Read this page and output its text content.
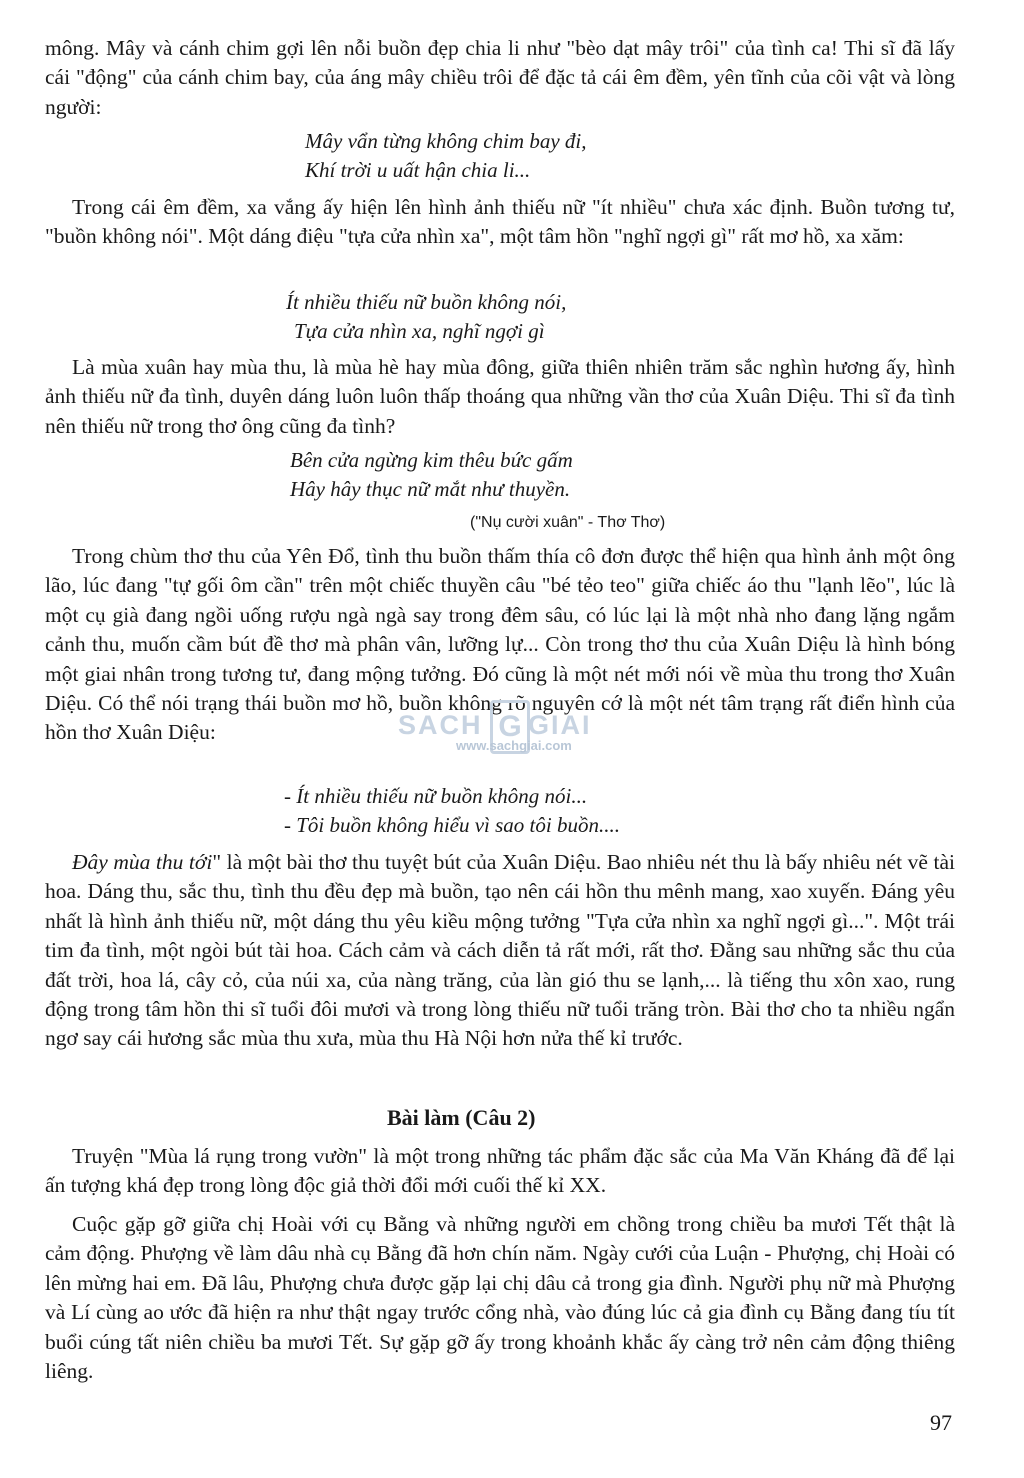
mông. Mây và cánh chim gợi lên nỗi buồn đẹp chia li như "bèo dạt mây trôi" của tình ca! Thi sĩ đã lấy cái "động" của cánh chim bay, của áng mây chiều trôi để đặc tả cái êm đềm, yên tĩnh của cõi vật và lòng người:

Mây vẩn từng không chim bay đi,
Khí trời u uất hận chia li...

Trong cái êm đềm, xa vắng ấy hiện lên hình ảnh thiếu nữ "ít nhiều" chưa xác định. Buồn tương tư, "buồn không nói". Một dáng điệu "tựa cửa nhìn xa", một tâm hồn "nghĩ ngợi gì" rất mơ hồ, xa xăm:

Ít nhiều thiếu nữ buồn không nói,
Tựa cửa nhìn xa, nghĩ ngợi gì

Là mùa xuân hay mùa thu, là mùa hè hay mùa đông, giữa thiên nhiên trăm sắc nghìn hương ấy, hình ảnh thiếu nữ đa tình, duyên dáng luôn luôn thấp thoáng qua những vần thơ của Xuân Diệu. Thi sĩ đa tình nên thiếu nữ trong thơ ông cũng đa tình?

Bên cửa ngừng kim thêu bức gấm
Hây hây thục nữ mắt như thuyền.
("Nụ cười xuân" - Thơ Thơ)

Trong chùm thơ thu của Yên Đổ, tình thu buồn thấm thía cô đơn được thể hiện qua hình ảnh một ông lão, lúc đang "tự gối ôm cần" trên một chiếc thuyền câu "bé tẻo teo" giữa chiếc áo thu "lạnh lẽo", lúc là một cụ già đang ngồi uống rượu ngà ngà say trong đêm sâu, có lúc lại là một nhà nho đang lặng ngắm cảnh thu, muốn cầm bút đề thơ mà phân vân, lưỡng lự... Còn trong thơ thu của Xuân Diệu là hình bóng một giai nhân trong tương tư, đang mộng tưởng. Đó cũng là một nét mới nói về mùa thu trong thơ Xuân Diệu. Có thể nói trạng thái buồn mơ hồ, buồn không rõ nguyên cớ là một nét tâm trạng rất điển hình của hồn thơ Xuân Diệu:

- Ít nhiều thiếu nữ buồn không nói...
- Tôi buồn không hiểu vì sao tôi buồn....

Đây mùa thu tới" là một bài thơ thu tuyệt bút của Xuân Diệu. Bao nhiêu nét thu là bấy nhiêu nét vẽ tài hoa. Dáng thu, sắc thu, tình thu đều đẹp mà buồn, tạo nên cái hồn thu mênh mang, xao xuyến. Đáng yêu nhất là hình ảnh thiếu nữ, một dáng thu yêu kiều mộng tưởng "Tựa cửa nhìn xa nghĩ ngợi gì...". Một trái tim đa tình, một ngòi bút tài hoa. Cách cảm và cách diễn tả rất mới, rất thơ. Đằng sau những sắc thu của đất trời, hoa lá, cây cỏ, của núi xa, của nàng trăng, của làn gió thu se lạnh,... là tiếng thu xôn xao, rung động trong tâm hồn thi sĩ tuổi đôi mươi và trong lòng thiếu nữ tuổi trăng tròn. Bài thơ cho ta nhiều ngẩn ngơ say cái hương sắc mùa thu xưa, mùa thu Hà Nội hơn nửa thế kỉ trước.

Bài làm (Câu 2)

Truyện "Mùa lá rụng trong vườn" là một trong những tác phẩm đặc sắc của Ma Văn Kháng đã để lại ấn tượng khá đẹp trong lòng độc giả thời đổi mới cuối thế kỉ XX.

Cuộc gặp gỡ giữa chị Hoài với cụ Bằng và những người em chồng trong chiều ba mươi Tết thật là cảm động. Phượng về làm dâu nhà cụ Bằng đã hơn chín năm. Ngày cưới của Luận - Phượng, chị Hoài có lên mừng hai em. Đã lâu, Phượng chưa được gặp lại chị dâu cả trong gia đình. Người phụ nữ mà Phượng và Lí cùng ao ước đã hiện ra như thật ngay trước cổng nhà, vào đúng lúc cả gia đình cụ Bằng đang tíu tít buổi cúng tất niên chiều ba mươi Tết. Sự gặp gỡ ấy trong khoảnh khắc ấy càng trở nên cảm động thiêng liêng.

SACH G GIAI
www.sachgiai.com
97
